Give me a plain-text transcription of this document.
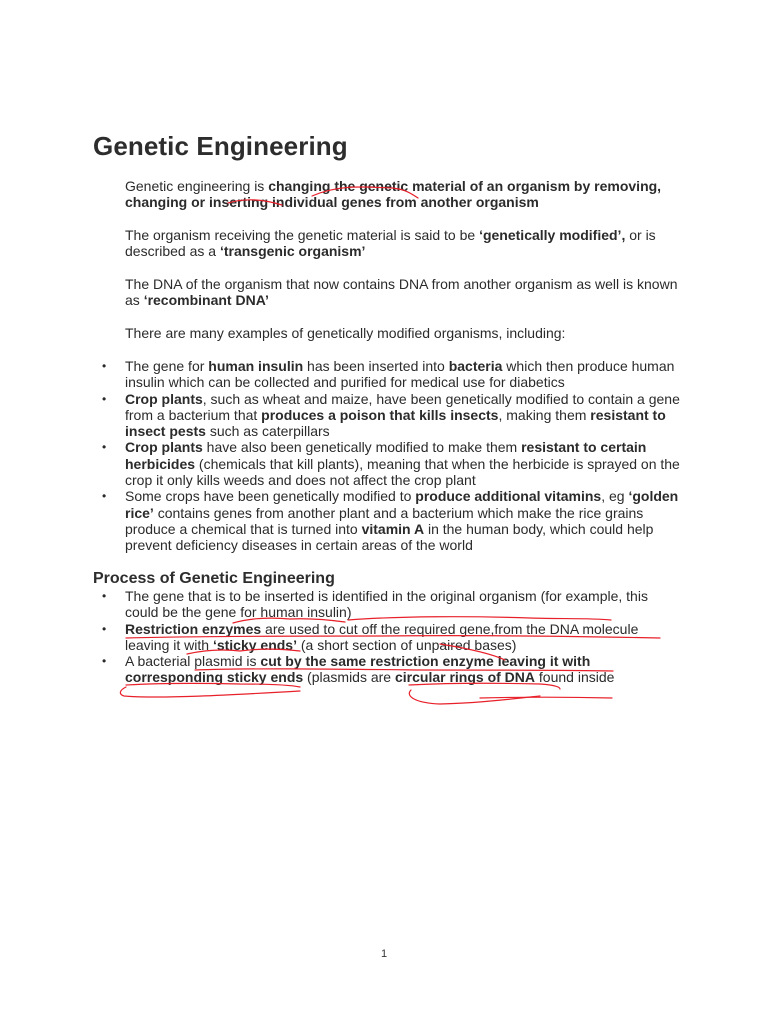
Genetic Engineering

Genetic engineering is changing the genetic material of an organism by removing, changing or inserting individual genes from another organism

The organism receiving the genetic material is said to be ‘genetically modified’, or is described as a ‘transgenic organism’

The DNA of the organism that now contains DNA from another organism as well is known as ‘recombinant DNA’

There are many examples of genetically modified organisms, including:

• The gene for human insulin has been inserted into bacteria which then produce human insulin which can be collected and purified for medical use for diabetics
• Crop plants, such as wheat and maize, have been genetically modified to contain a gene from a bacterium that produces a poison that kills insects, making them resistant to insect pests such as caterpillars
• Crop plants have also been genetically modified to make them resistant to certain herbicides (chemicals that kill plants), meaning that when the herbicide is sprayed on the crop it only kills weeds and does not affect the crop plant
• Some crops have been genetically modified to produce additional vitamins, eg ‘golden rice’ contains genes from another plant and a bacterium which make the rice grains produce a chemical that is turned into vitamin A in the human body, which could help prevent deficiency diseases in certain areas of the world
Process of Genetic Engineering
• The gene that is to be inserted is identified in the original organism (for example, this could be the gene for human insulin)
• Restriction enzymes are used to cut off the required gene,from the DNA molecule leaving it with ‘sticky ends’ (a short section of unpaired bases)
• A bacterial plasmid is cut by the same restriction enzyme leaving it with corresponding sticky ends (plasmids are circular rings of DNA found inside
1
